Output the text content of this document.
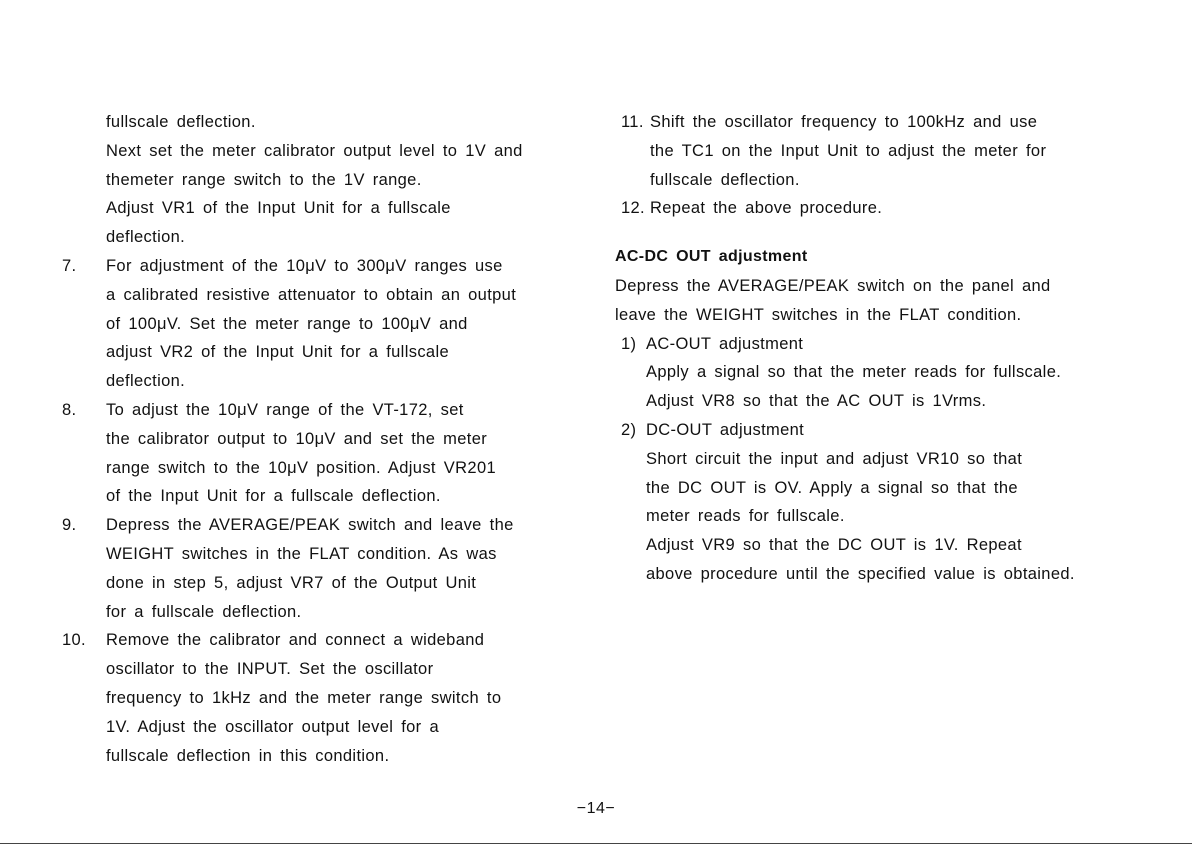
fullscale deflection.
Next set the meter calibrator output level to 1V and
themeter range switch to the 1V range.
Adjust VR1 of the Input Unit for a fullscale
deflection.
7. For adjustment of the 10μV to 300μV ranges use
a calibrated resistive attenuator to obtain an output
of 100μV. Set the meter range to 100μV and
adjust VR2 of the Input Unit for a fullscale
deflection.
8. To adjust the 10μV range of the VT-172, set
the calibrator output to 10μV and set the meter
range switch to the 10μV position. Adjust VR201
of the Input Unit for a fullscale deflection.
9. Depress the AVERAGE/PEAK switch and leave the
WEIGHT switches in the FLAT condition. As was
done in step 5, adjust VR7 of the Output Unit
for a fullscale deflection.
10. Remove the calibrator and connect a wideband
oscillator to the INPUT. Set the oscillator
frequency to 1kHz and the meter range switch to
1V. Adjust the oscillator output level for a
fullscale deflection in this condition.
11. Shift the oscillator frequency to 100kHz and use
the TC1 on the Input Unit to adjust the meter for
fullscale deflection.
12. Repeat the above procedure.
AC-DC OUT adjustment
Depress the AVERAGE/PEAK switch on the panel and
leave the WEIGHT switches in the FLAT condition.
1) AC-OUT adjustment
Apply a signal so that the meter reads for fullscale.
Adjust VR8 so that the AC OUT is 1Vrms.
2) DC-OUT adjustment
Short circuit the input and adjust VR10 so that
the DC OUT is OV. Apply a signal so that the
meter reads for fullscale.
Adjust VR9 so that the DC OUT is 1V. Repeat
above procedure until the specified value is obtained.
−14−
